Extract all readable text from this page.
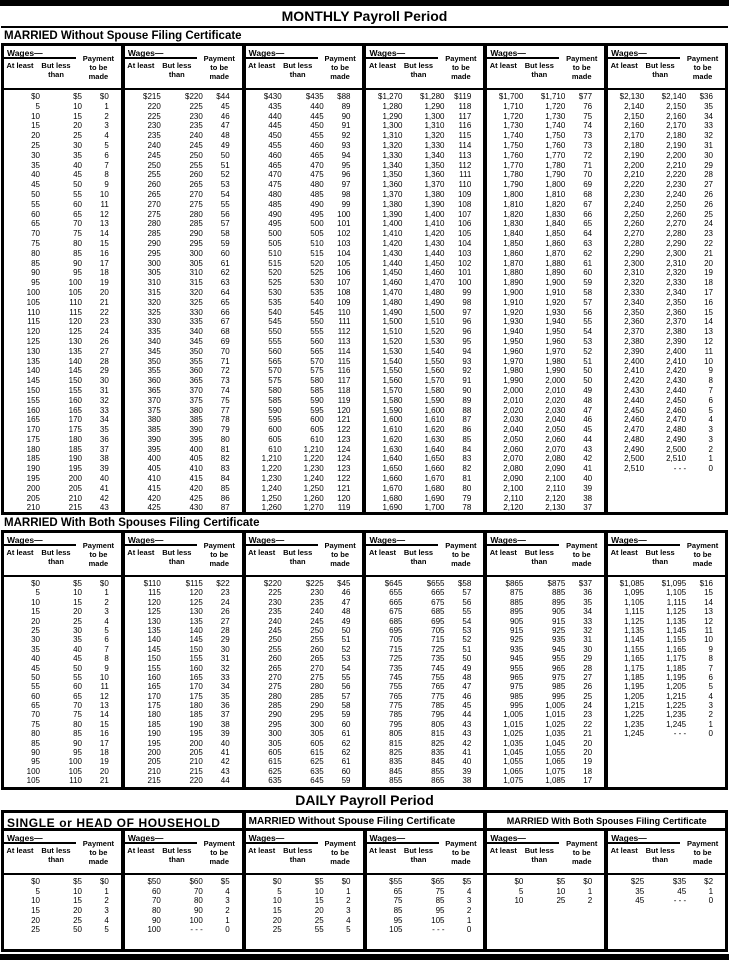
MONTHLY Payroll Period
MARRIED Without Spouse Filing Certificate
Wages—
At least	But less than
Payment to be made
$0	$5	$0
5	10	1
10	15	2
15	20	3
20	25	4
25	30	5
30	35	6
35	40	7
40	45	8
45	50	9
50	55	10
55	60	11
60	65	12
65	70	13
70	75	14
75	80	15
80	85	16
85	90	17
90	95	18
95	100	19
100	105	20
105	110	21
110	115	22
115	120	23
120	125	24
125	130	26
130	135	27
135	140	28
140	145	29
145	150	30
150	155	31
155	160	32
160	165	33
165	170	34
170	175	35
175	180	36
180	185	37
185	190	38
190	195	39
195	200	40
200	205	41
205	210	42
210	215	43
Wages—
At least	But less than
Payment to be made
$215	$220	$44
220	225	45
225	230	46
230	235	47
235	240	48
240	245	49
245	250	50
250	255	51
255	260	52
260	265	53
265	270	54
270	275	55
275	280	56
280	285	57
285	290	58
290	295	59
295	300	60
300	305	61
305	310	62
310	315	63
315	320	64
320	325	65
325	330	66
330	335	67
335	340	68
340	345	69
345	350	70
350	355	71
355	360	72
360	365	73
365	370	74
370	375	75
375	380	77
380	385	78
385	390	79
390	395	80
395	400	81
400	405	82
405	410	83
410	415	84
415	420	85
420	425	86
425	430	87
Wages—
At least	But less than
Payment to be made
$430	$435	$88
435	440	89
440	445	90
445	450	91
450	455	92
455	460	93
460	465	94
465	470	95
470	475	96
475	480	97
480	485	98
485	490	99
490	495	100
495	500	101
500	505	102
505	510	103
510	515	104
515	520	105
520	525	106
525	530	107
530	535	108
535	540	109
540	545	110
545	550	111
550	555	112
555	560	113
560	565	114
565	570	115
570	575	116
575	580	117
580	585	118
585	590	119
590	595	120
595	600	121
600	605	122
605	610	123
610	1,210	124
1,210	1,220	124
1,220	1,230	123
1,230	1,240	122
1,240	1,250	121
1,250	1,260	120
1,260	1,270	119
Wages—
At least	But less than
Payment to be made
$1,270	$1,280	$119
1,280	1,290	118
1,290	1,300	117
1,300	1,310	116
1,310	1,320	115
1,320	1,330	114
1,330	1,340	113
1,340	1,350	112
1,350	1,360	111
1,360	1,370	110
1,370	1,380	109
1,380	1,390	108
1,390	1,400	107
1,400	1,410	106
1,410	1,420	105
1,420	1,430	104
1,430	1,440	103
1,440	1,450	102
1,450	1,460	101
1,460	1,470	100
1,470	1,480	99
1,480	1,490	98
1,490	1,500	97
1,500	1,510	96
1,510	1,520	96
1,520	1,530	95
1,530	1,540	94
1,540	1,550	93
1,550	1,560	92
1,560	1,570	91
1,570	1,580	90
1,580	1,590	89
1,590	1,600	88
1,600	1,610	87
1,610	1,620	86
1,620	1,630	85
1,630	1,640	84
1,640	1,650	83
1,650	1,660	82
1,660	1,670	81
1,670	1,680	80
1,680	1,690	79
1,690	1,700	78
Wages—
At least	But less than
Payment to be made
$1,700	$1,710	$77
1,710	1,720	76
1,720	1,730	75
1,730	1,740	74
1,740	1,750	73
1,750	1,760	73
1,760	1,770	72
1,770	1,780	71
1,780	1,790	70
1,790	1,800	69
1,800	1,810	68
1,810	1,820	67
1,820	1,830	66
1,830	1,840	65
1,840	1,850	64
1,850	1,860	63
1,860	1,870	62
1,870	1,880	61
1,880	1,890	60
1,890	1,900	59
1,900	1,910	58
1,910	1,920	57
1,920	1,930	56
1,930	1,940	55
1,940	1,950	54
1,950	1,960	53
1,960	1,970	52
1,970	1,980	51
1,980	1,990	50
1,990	2,000	50
2,000	2,010	49
2,010	2,020	48
2,020	2,030	47
2,030	2,040	46
2,040	2,050	45
2,050	2,060	44
2,060	2,070	43
2,070	2,080	42
2,080	2,090	41
2,090	2,100	40
2,100	2,110	39
2,110	2,120	38
2,120	2,130	37
Wages—
At least	But less than
Payment to be made
$2,130	$2,140	$36
2,140	2,150	35
2,150	2,160	34
2,160	2,170	33
2,170	2,180	32
2,180	2,190	31
2,190	2,200	30
2,200	2,210	29
2,210	2,220	28
2,220	2,230	27
2,230	2,240	26
2,240	2,250	26
2,250	2,260	25
2,260	2,270	24
2,270	2,280	23
2,280	2,290	22
2,290	2,300	21
2,300	2,310	20
2,310	2,320	19
2,320	2,330	18
2,330	2,340	17
2,340	2,350	16
2,350	2,360	15
2,360	2,370	14
2,370	2,380	13
2,380	2,390	12
2,390	2,400	11
2,400	2,410	10
2,410	2,420	9
2,420	2,430	8
2,430	2,440	7
2,440	2,450	6
2,450	2,460	5
2,460	2,470	4
2,470	2,480	3
2,480	2,490	3
2,490	2,500	2
2,500	2,510	1
2,510	- - -	0
MARRIED With Both Spouses Filing Certificate
Wages—
At least	But less than
Payment to be made
$0	$5	$0
5	10	1
10	15	2
15	20	3
20	25	4
25	30	5
30	35	6
35	40	7
40	45	8
45	50	9
50	55	10
55	60	11
60	65	12
65	70	13
70	75	14
75	80	15
80	85	16
85	90	17
90	95	18
95	100	19
100	105	20
105	110	21
Wages—
At least	But less than
Payment to be made
$110	$115	$22
115	120	23
120	125	24
125	130	26
130	135	27
135	140	28
140	145	29
145	150	30
150	155	31
155	160	32
160	165	33
165	170	34
170	175	35
175	180	36
180	185	37
185	190	38
190	195	39
195	200	40
200	205	41
205	210	42
210	215	43
215	220	44
Wages—
At least	But less than
Payment to be made
$220	$225	$45
225	230	46
230	235	47
235	240	48
240	245	49
245	250	50
250	255	51
255	260	52
260	265	53
265	270	54
270	275	55
275	280	56
280	285	57
285	290	58
290	295	59
295	300	60
300	305	61
305	605	62
605	615	62
615	625	61
625	635	60
635	645	59
Wages—
At least	But less than
Payment to be made
$645	$655	$58
655	665	57
665	675	56
675	685	55
685	695	54
695	705	53
705	715	52
715	725	51
725	735	50
735	745	49
745	755	48
755	765	47
765	775	46
775	785	45
785	795	44
795	805	43
805	815	43
815	825	42
825	835	41
835	845	40
845	855	39
855	865	38
Wages—
At least	But less than
Payment to be made
$865	$875	$37
875	885	36
885	895	35
895	905	34
905	915	33
915	925	32
925	935	31
935	945	30
945	955	29
955	965	28
965	975	27
975	985	26
985	995	25
995	1,005	24
1,005	1,015	23
1,015	1,025	22
1,025	1,035	21
1,035	1,045	20
1,045	1,055	20
1,055	1,065	19
1,065	1,075	18
1,075	1,085	17
Wages—
At least	But less than
Payment to be made
$1,085	$1,095	$16
1,095	1,105	15
1,105	1,115	14
1,115	1,125	13
1,125	1,135	12
1,135	1,145	11
1,145	1,155	10
1,155	1,165	9
1,165	1,175	8
1,175	1,185	7
1,185	1,195	6
1,195	1,205	5
1,205	1,215	4
1,215	1,225	3
1,225	1,235	2
1,235	1,245	1
1,245	- - -	0
DAILY Payroll Period
SINGLE or HEAD OF HOUSEHOLD
Wages—
At least	But less than
Payment to be made
$0	$5	$0
5	10	1
10	15	2
15	20	3
20	25	4
25	50	5
Wages—
At least	But less than
Payment to be made
$50	$60	$5
60	70	4
70	80	3
80	90	2
90	100	1
100	- - -	0
MARRIED Without Spouse Filing Certificate
Wages—
At least	But less than
Payment to be made
$0	$5	$0
5	10	1
10	15	2
15	20	3
20	25	4
25	55	5
Wages—
At least	But less than
Payment to be made
$55	$65	$5
65	75	4
75	85	3
85	95	2
95	105	1
105	- - -	0
MARRIED With Both Spouses Filing Certificate
Wages—
At least	But less than
Payment to be made
$0	$5	$0
5	10	1
10	25	2
Wages—
At least	But less than
Payment to be made
$25	$35	$2
35	45	1
45	- - -	0
